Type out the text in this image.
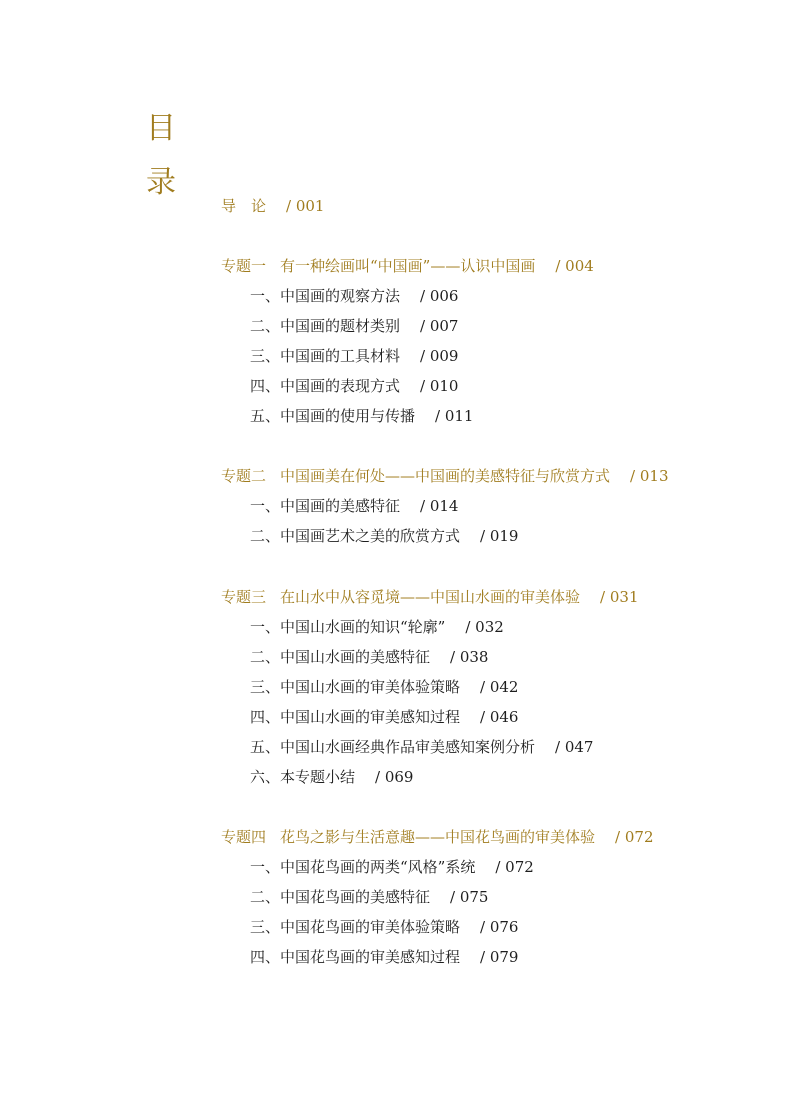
目
录
导　论 / 001
专题一 有一种绘画叫“中国画”——认识中国画 / 004
一、中国画的观察方法 / 006
二、中国画的题材类别 / 007
三、中国画的工具材料 / 009
四、中国画的表现方式 / 010
五、中国画的使用与传播 / 011
专题二 中国画美在何处——中国画的美感特征与欣赏方式 / 013
一、中国画的美感特征 / 014
二、中国画艺术之美的欣赏方式 / 019
专题三 在山水中从容觅境——中国山水画的审美体验 / 031
一、中国山水画的知识“轮廓” / 032
二、中国山水画的美感特征 / 038
三、中国山水画的审美体验策略 / 042
四、中国山水画的审美感知过程 / 046
五、中国山水画经典作品审美感知案例分析 / 047
六、本专题小结 / 069
专题四 花鸟之影与生活意趣——中国花鸟画的审美体验 / 072
一、中国花鸟画的两类“风格”系统 / 072
二、中国花鸟画的美感特征 / 075
三、中国花鸟画的审美体验策略 / 076
四、中国花鸟画的审美感知过程 / 079
